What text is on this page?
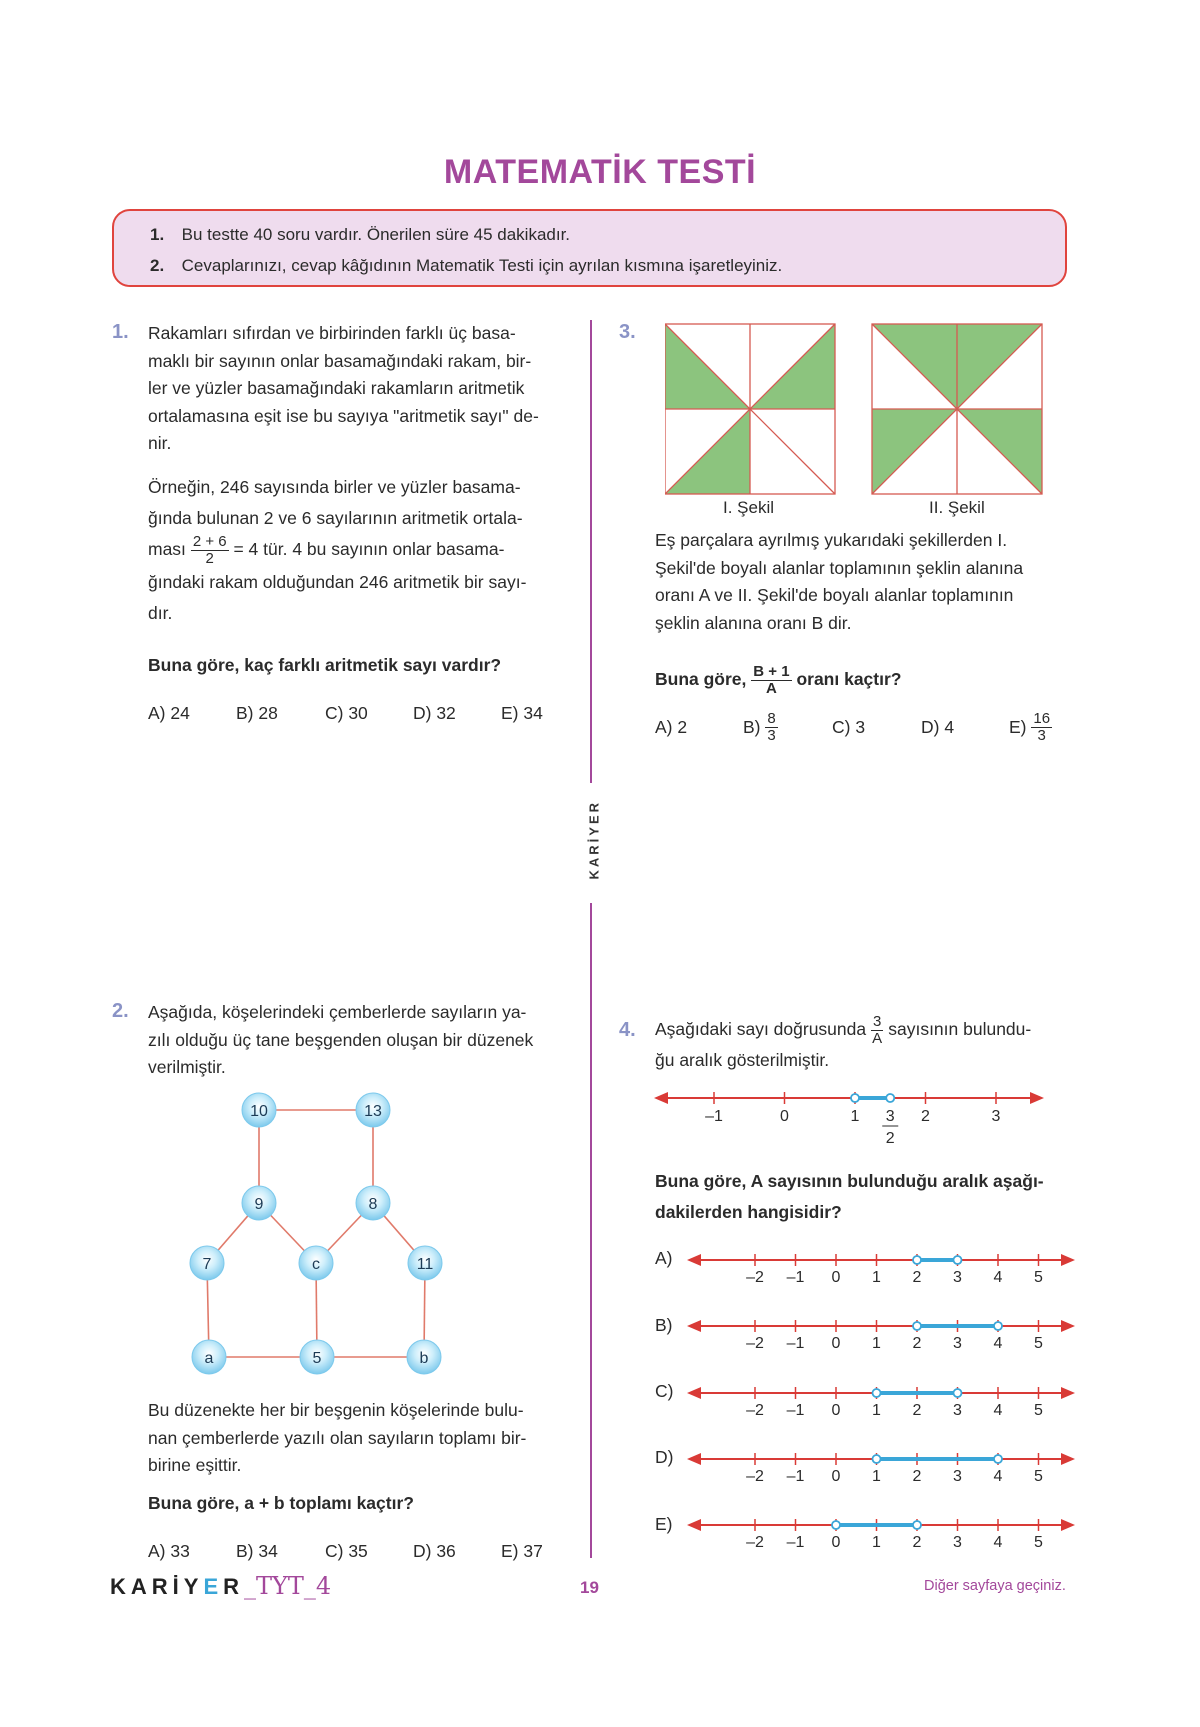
MATEMATİK TESTİ
1. Bu testte 40 soru vardır. Önerilen süre 45 dakikadır.
2. Cevaplarınızı, cevap kâğıdının Matematik Testi için ayrılan kısmına işaretleyiniz.
KARİYER
1. Rakamları sıfırdan ve birbirinden farklı üç basa-
maklı bir sayının onlar basamağındaki rakam, bir-
ler ve yüzler basamağındaki rakamların aritmetik
ortalamasına eşit ise bu sayıya "aritmetik sayı" de-
nir.
Örneğin, 246 sayısında birler ve yüzler basama-
ğında bulunan 2 ve 6 sayılarının aritmetik ortala-
ması $\frac{2 + 6}{2} = 4$ tür. 4 bu sayının onlar basama-
ğındaki rakam olduğundan 246 aritmetik bir sayı-
dır.
Buna göre, kaç farklı aritmetik sayı vardır?
A) 24	B) 28	C) 30	D) 32	E) 34
2. Aşağıda, köşelerindeki çemberlerde sayıların ya-
zılı olduğu üç tane beşgenden oluşan bir düzenek
verilmiştir.
10	13
9	8
7	c	11
a	5	b
Bu düzenekte her bir beşgenin köşelerinde bulu-
nan çemberlerde yazılı olan sayıların toplamı bir-
birine eşittir.
Buna göre, a + b toplamı kaçtır?
A) 33	B) 34	C) 35	D) 36	E) 37
3.
I. Şekil	II. Şekil
Eş parçalara ayrılmış yukarıdaki şekillerden I.
Şekil'de boyalı alanlar toplamının şeklin alanına
oranı A ve II. Şekil'de boyalı alanlar toplamının
şeklin alanına oranı B dir.
Buna göre, $\frac{B + 1}{A}$ oranı kaçtır?
A) 2	$B) \frac{8}{3}$	C) 3	D) 4	$E) \frac{16}{3}$
4. Aşağıdaki sayı doğrusunda $\frac{3}{A}$ sayısının bulundu-
ğu aralık gösterilmiştir.
–1	0	1	2	3
3
2
Buna göre, A sayısının bulunduğu aralık aşağı-
dakilerden hangisidir?
A)
B)
C)
D)
E)
–2 –1 0 1 2 3 4 5
–2 –1 0 1 2 3 4 5
–2 –1 0 1 2 3 4 5
–2 –1 0 1 2 3 4 5
–2 –1 0 1 2 3 4 5
KARİYER_TYT_4	19	Diğer sayfaya geçiniz.
